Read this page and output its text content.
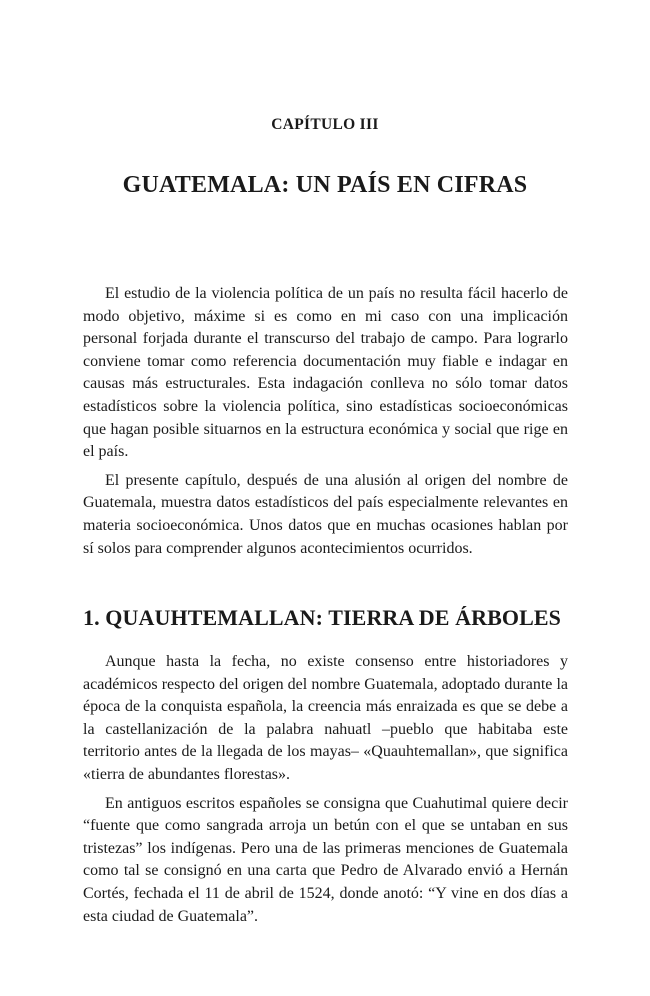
CAPÍTULO III
GUATEMALA: UN PAÍS EN CIFRAS

El estudio de la violencia política de un país no resulta fácil hacerlo de modo objetivo, máxime si es como en mi caso con una implicación personal forjada durante el transcurso del trabajo de campo. Para lograrlo conviene tomar como referencia documentación muy fiable e indagar en causas más estructurales. Esta indagación conlleva no sólo tomar datos estadísticos sobre la violencia política, sino estadísticas socioeconómicas que hagan posible situarnos en la estructura económica y social que rige en el país.

El presente capítulo, después de una alusión al origen del nombre de Guatemala, muestra datos estadísticos del país especialmente relevantes en materia socioeconómica. Unos datos que en muchas ocasiones hablan por sí solos para comprender algunos acontecimientos ocurridos.

1. QUAUHTEMALLAN: TIERRA DE ÁRBOLES

Aunque hasta la fecha, no existe consenso entre historiadores y académicos respecto del origen del nombre Guatemala, adoptado durante la época de la conquista española, la creencia más enraizada es que se debe a la castellanización de la palabra nahuatl –pueblo que habitaba este territorio antes de la llegada de los mayas– «Quauhtemallan», que significa «tierra de abundantes florestas».

En antiguos escritos españoles se consigna que Cuahutimal quiere decir “fuente que como sangrada arroja un betún con el que se untaban en sus tristezas” los indígenas. Pero una de las primeras menciones de Guatemala como tal se consignó en una carta que Pedro de Alvarado envió a Hernán Cortés, fechada el 11 de abril de 1524, donde anotó: “Y vine en dos días a esta ciudad de Guatemala”.
